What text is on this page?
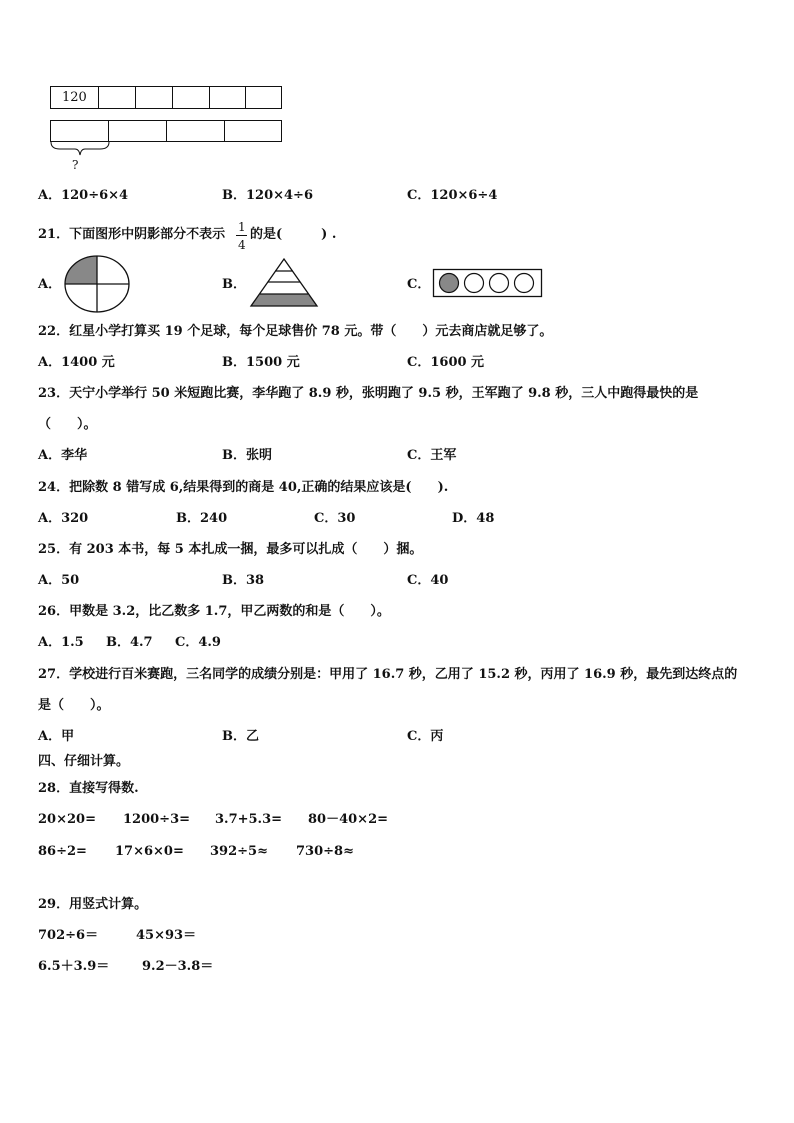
120
?
A．120÷6×4	B．120×4÷6	C．120×6÷4
21．下面图形中阴影部分不表示 1
4
的是(　　　) .
A．	B．	C．
22．红星小学打算买 19 个足球，每个足球售价 78 元。带（　　）元去商店就足够了。
A．1400 元	B．1500 元	C．1600 元
23．天宁小学举行 50 米短跑比赛，李华跑了 8.9 秒，张明跑了 9.5 秒，王军跑了 9.8 秒，三人中跑得最快的是
（　　）。
A．李华	B．张明	C．王军
24．把除数 8 错写成 6,结果得到的商是 40,正确的结果应该是(　　).
A．320	B．240	C．30	D．48
25．有 203 本书，每 5 本扎成一捆，最多可以扎成（　　）捆。
A．50	B．38	C．40
26．甲数是 3.2，比乙数多 1.7，甲乙两数的和是（　　）。
A．1.5 B．4.7 C．4.9
27．学校进行百米赛跑，三名同学的成绩分别是：甲用了 16.7 秒，乙用了 15.2 秒，丙用了 16.9 秒，最先到达终点的
是（　　）。
A．甲	B．乙	C．丙
四、仔细计算。
28．直接写得数.
20×20= 1200÷3= 3.7+5.3= 80－40×2=
86÷2= 17×6×0= 392÷5≈ 730÷8≈
29．用竖式计算。
702÷6＝	45×93＝
6.5＋3.9＝	9.2－3.8＝
